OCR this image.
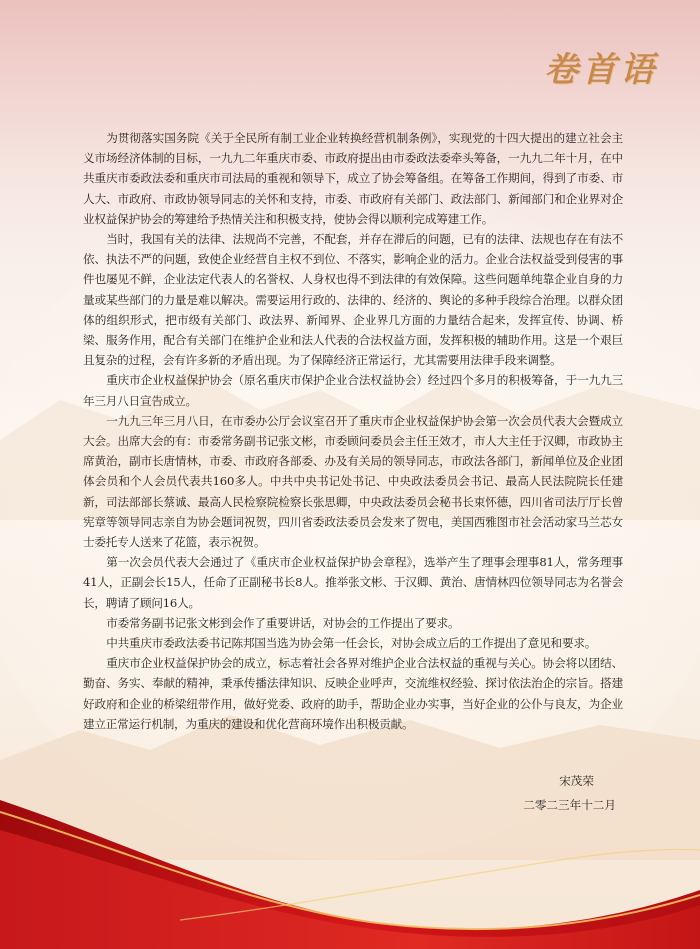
卷首语

为贯彻落实国务院《关于全民所有制工业企业转换经营机制条例》，实现党的十四大提出的建立社会主义市场经济体制的目标，一九九二年重庆市委、市政府提出由市委政法委牵头筹备，一九九二年十月，在中共重庆市委政法委和重庆市司法局的重视和领导下，成立了协会筹备组。在筹备工作期间，得到了市委、市人大、市政府、市政协领导同志的关怀和支持，市委、市政府有关部门、政法部门、新闻部门和企业界对企业权益保护协会的筹建给予热情关注和积极支持，使协会得以顺利完成筹建工作。

当时，我国有关的法律、法规尚不完善，不配套，并存在滞后的问题，已有的法律、法规也存在有法不依、执法不严的问题，致使企业经营自主权不到位、不落实，影响企业的活力。企业合法权益受到侵害的事件也屡见不鲜，企业法定代表人的名誉权、人身权也得不到法律的有效保障。这些问题单纯靠企业自身的力量或某些部门的力量是难以解决。需要运用行政的、法律的、经济的、舆论的多种手段综合治理。以群众团体的组织形式，把市级有关部门、政法界、新闻界、企业界几方面的力量结合起来，发挥宣传、协调、桥梁、服务作用，配合有关部门在维护企业和法人代表的合法权益方面，发挥积极的辅助作用。这是一个艰巨且复杂的过程，会有许多新的矛盾出现。为了保障经济正常运行，尤其需要用法律手段来调整。

重庆市企业权益保护协会（原名重庆市保护企业合法权益协会）经过四个多月的积极筹备，于一九九三年三月八日宣告成立。

一九九三年三月八日，在市委办公厅会议室召开了重庆市企业权益保护协会第一次会员代表大会暨成立大会。出席大会的有：市委常务副书记张文彬，市委顾问委员会主任王效才，市人大主任于汉卿，市政协主席黄治，副市长唐情林，市委、市政府各部委、办及有关局的领导同志，市政法各部门，新闻单位及企业团体会员和个人会员代表共160多人。中共中央书记处书记、中央政法委员会书记、最高人民法院院长任建新，司法部部长蔡诚、最高人民检察院检察长张思卿，中央政法委员会秘书长束怀德，四川省司法厅厅长曾宪章等领导同志亲自为协会题词祝贺，四川省委政法委员会发来了贺电，美国西雅图市社会活动家马兰芯女士委托专人送来了花篮，表示祝贺。

第一次会员代表大会通过了《重庆市企业权益保护协会章程》，选举产生了理事会理事81人，常务理事41人，正副会长15人，任命了正副秘书长8人。推举张文彬、于汉卿、黄治、唐情林四位领导同志为名誉会长，聘请了顾问16人。

市委常务副书记张文彬到会作了重要讲话，对协会的工作提出了要求。

中共重庆市委政法委书记陈邦国当选为协会第一任会长，对协会成立后的工作提出了意见和要求。

重庆市企业权益保护协会的成立，标志着社会各界对维护企业合法权益的重视与关心。协会将以团结、勤奋、务实、奉献的精神，秉承传播法律知识、反映企业呼声，交流维权经验、探讨依法治企的宗旨。搭建好政府和企业的桥梁纽带作用，做好党委、政府的助手，帮助企业办实事，当好企业的公仆与良友，为企业建立正常运行机制，为重庆的建设和优化营商环境作出积极贡献。

宋茂荣
二零二三年十二月
